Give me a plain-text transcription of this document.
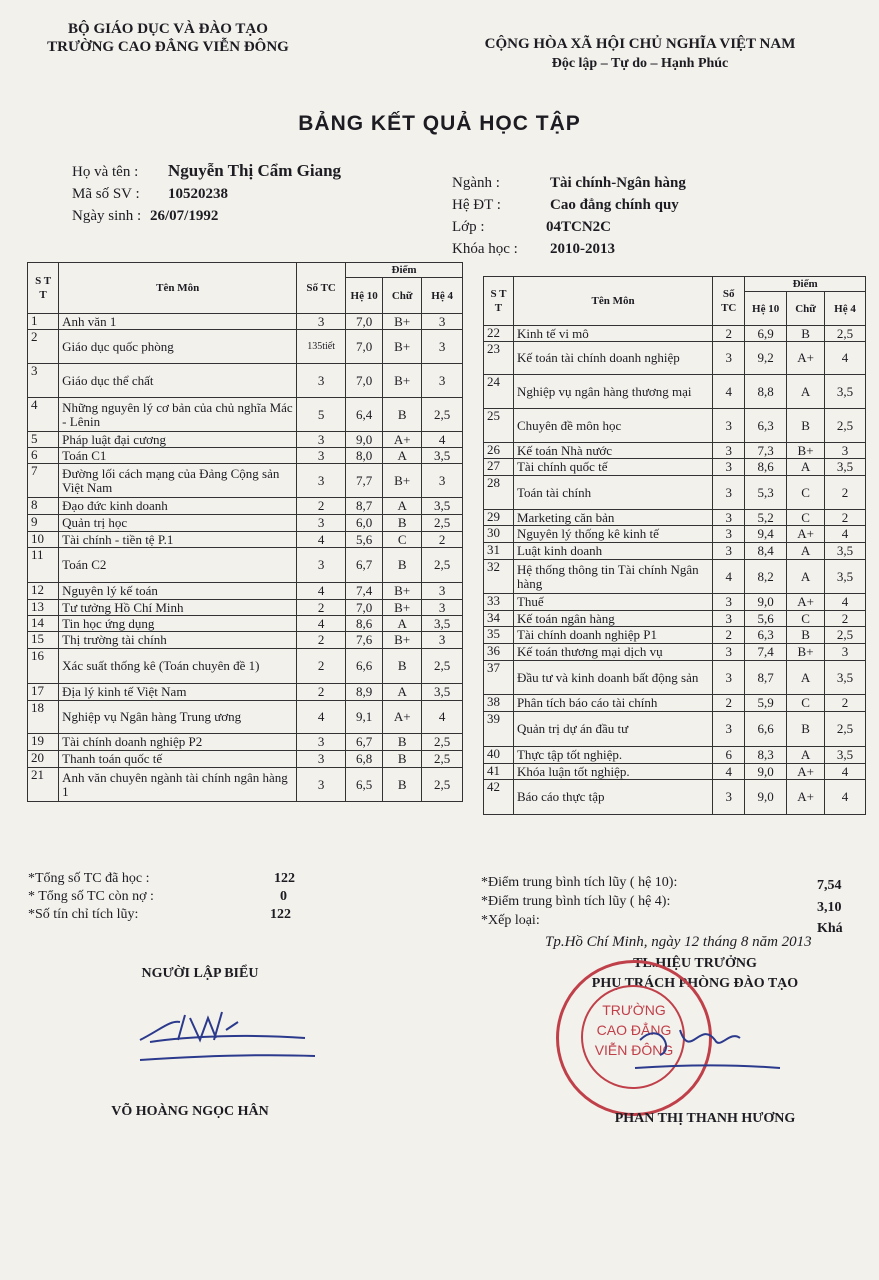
BỘ GIÁO DỤC VÀ ĐÀO TẠO
TRƯỜNG CAO ĐẲNG VIỄN ĐÔNG	CỘNG HÒA XÃ HỘI CHỦ NGHĨA VIỆT NAM
Độc lập – Tự do – Hạnh Phúc
BẢNG KẾT QUẢ HỌC TẬP
Họ và tên : Nguyễn Thị Cẩm Giang
Mã số SV : 10520238
Ngày sinh : 26/07/1992
Ngành :	Tài chính-Ngân hàng
Hệ ĐT :	Cao đẳng chính quy
Lớp :	04TCN2C
Khóa học : 2010-2013
S T T	Tên Môn	Số TC	Điểm		
			Hệ 10	Chữ	Hệ 4
1	Anh văn 1	3	7,0	B+	3
2	Giáo dục quốc phòng	135tiết	7,0	B+	3
3	Giáo dục thể chất	3	7,0	B+	3
4	Những nguyên lý cơ bản của chủ nghĩa Mác - Lênin	5	6,4	B	2,5
5	Pháp luật đại cương	3	9,0	A+	4
6	Toán C1	3	8,0	A	3,5
7	Đường lối cách mạng của Đảng Cộng sản Việt Nam	3	7,7	B+	3
8	Đạo đức kinh doanh	2	8,7	A	3,5
9	Quản trị học	3	6,0	B	2,5
10	Tài chính - tiền tệ P.1	4	5,6	C	2
11	Toán C2	3	6,7	B	2,5
12	Nguyên lý kế toán	4	7,4	B+	3
13	Tư tưởng Hồ Chí Minh	2	7,0	B+	3
14	Tin học ứng dụng	4	8,6	A	3,5
15	Thị trường tài chính	2	7,6	B+	3
16	Xác suất thống kê (Toán chuyên đề 1)	2	6,6	B	2,5
17	Địa lý kinh tế Việt Nam	2	8,9	A	3,5
18	Nghiệp vụ Ngân hàng Trung ương	4	9,1	A+	4
19	Tài chính doanh nghiệp P2	3	6,7	B	2,5
20	Thanh toán quốc tế	3	6,8	B	2,5
21	Anh văn chuyên ngành tài chính ngân hàng 1	3	6,5	B	2,5
S T T	Tên Môn	Số TC	Điểm		
			Hệ 10	Chữ	Hệ 4
22	Kinh tế vi mô	2	6,9	B	2,5
23	Kế toán tài chính doanh nghiệp	3	9,2	A+	4
24	Nghiệp vụ ngân hàng thương mại	4	8,8	A	3,5
25	Chuyên đề môn học	3	6,3	B	2,5
26	Kế toán Nhà nước	3	7,3	B+	3
27	Tài chính quốc tế	3	8,6	A	3,5
28	Toán tài chính	3	5,3	C	2
29	Marketing căn bản	3	5,2	C	2
30	Nguyên lý thống kê kinh tế	3	9,4	A+	4
31	Luật kinh doanh	3	8,4	A	3,5
32	Hệ thống thông tin Tài chính Ngân hàng	4	8,2	A	3,5
33	Thuế	3	9,0	A+	4
34	Kế toán ngân hàng	3	5,6	C	2
35	Tài chính doanh nghiệp P1	2	6,3	B	2,5
36	Kế toán thương mại dịch vụ	3	7,4	B+	3
37	Đầu tư và kinh doanh bất động sản	3	8,7	A	3,5
38	Phân tích báo cáo tài chính	2	5,9	C	2
39	Quản trị dự án đầu tư	3	6,6	B	2,5
40	Thực tập tốt nghiệp.	6	8,3	A	3,5
41	Khóa luận tốt nghiệp.	4	9,0	A+	4
42	Báo cáo thực tập	3	9,0	A+	4
*Tổng số TC đã học :	122
* Tổng số TC còn nợ :	0
*Số tín chỉ tích lũy:	122
*Điểm trung bình tích lũy ( hệ 10):	7,54
*Điểm trung bình tích lũy ( hệ 4):	3,10
*Xếp loại:
Khá
Tp.Hồ Chí Minh, ngày 12 tháng 8 năm 2013
NGƯỜI LẬP BIỂU
TL.HIỆU TRƯỞNG
PHỤ TRÁCH PHÒNG ĐÀO TẠO
TRƯỜNG
CAO ĐẲNG
VIỄN ĐÔNG
VÕ HOÀNG NGỌC HÂN	PHAN THỊ THANH HƯƠNG
